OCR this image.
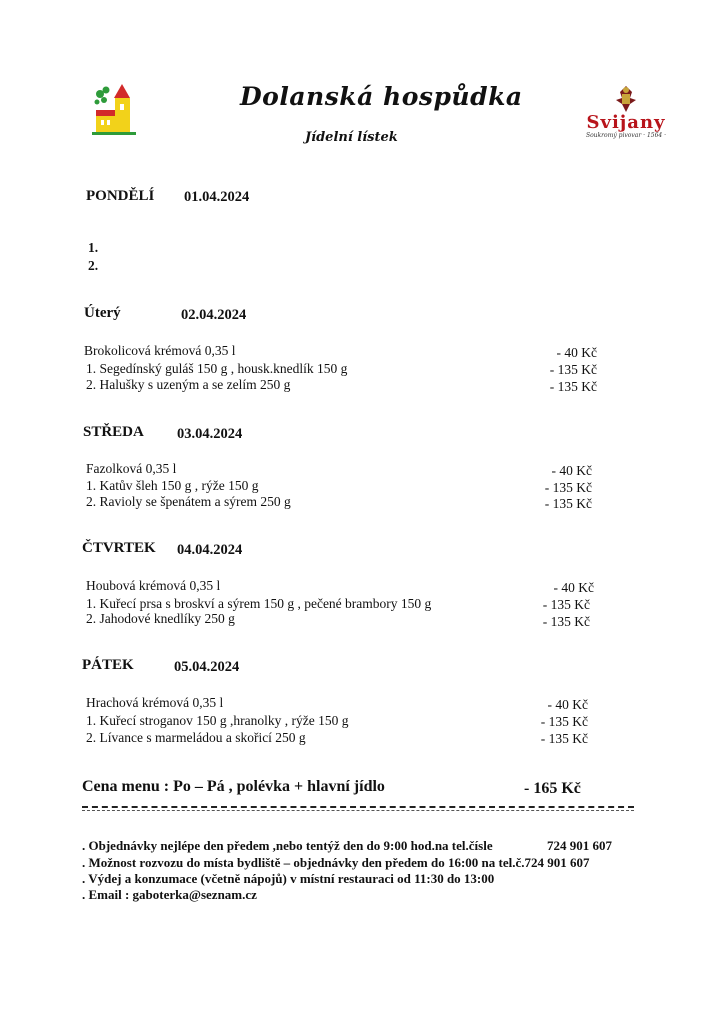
Dolanská hospůdka
Jídelní lístek
Svijany
Soukromý pivovar · 1564 ·
PONDĚLÍ 01.04.2024
1.
2.
Úterý	02.04.2024
Brokolicová krémová 0,35 l	- 40 Kč
1. Segedínský guláš 150 g , housk.knedlík 150 g	- 135 Kč
2. Halušky s uzeným a se zelím 250 g	- 135 Kč
STŘEDA 03.04.2024
Fazolková 0,35 l	- 40 Kč
1. Katův šleh 150 g , rýže 150 g	- 135 Kč
2. Ravioly se špenátem a sýrem 250 g	- 135 Kč
ČTVRTEK 04.04.2024
Houbová krémová 0,35 l	- 40 Kč
1. Kuřecí prsa s broskví a sýrem 150 g , pečené brambory 150 g	- 135 Kč
2. Jahodové knedlíky 250 g	- 135 Kč
PÁTEK	05.04.2024
Hrachová krémová 0,35 l	- 40 Kč
1. Kuřecí stroganov 150 g ,hranolky , rýže 150 g	- 135 Kč
2. Lívance s marmeládou a skořicí 250 g	- 135 Kč
Cena menu : Po – Pá , polévka + hlavní jídlo	- 165 Kč
. Objednávky nejlépe den předem ,nebo tentýž den do 9:00 hod.na tel.čísle	724 901 607
. Možnost rozvozu do místa bydliště – objednávky den předem do 16:00 na tel.č.724 901 607
. Výdej a konzumace (včetně nápojů) v místní restauraci od 11:30 do 13:00
. Email : gaboterka@seznam.cz
